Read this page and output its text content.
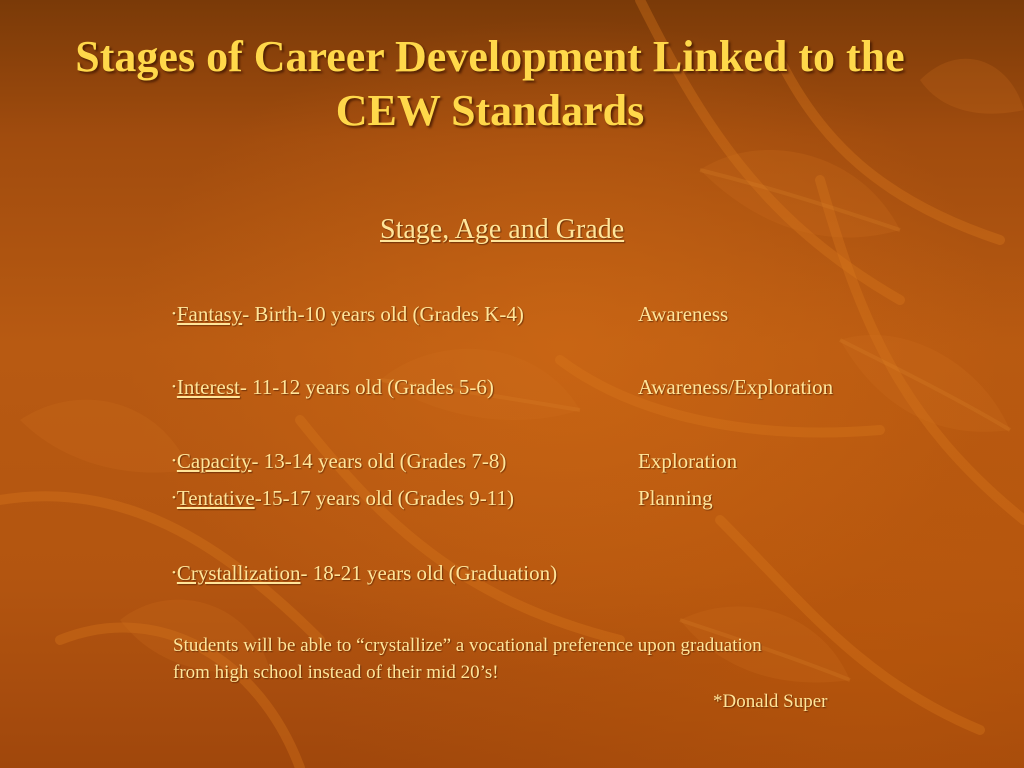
Stages of Career Development Linked to the CEW Standards
Stage, Age and Grade
•Fantasy- Birth-10 years old (Grades K-4)	Awareness
•Interest- 11-12 years old (Grades 5-6)	Awareness/Exploration
•Capacity- 13-14 years old (Grades 7-8)	Exploration
•Tentative-15-17 years old (Grades 9-11)	Planning
•Crystallization- 18-21 years old (Graduation)

Students will be able to “crystallize” a vocational preference upon graduation

from high school instead of their mid 20’s!

*Donald Super
